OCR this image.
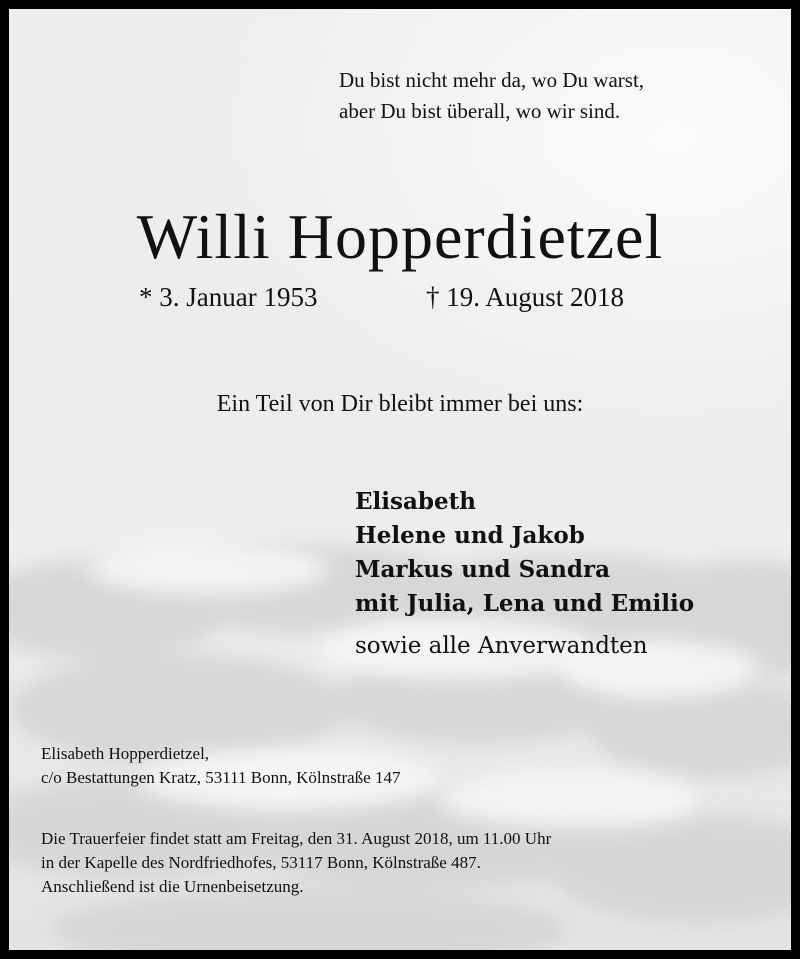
Du bist nicht mehr da, wo Du warst,
aber Du bist überall, wo wir sind.
Willi Hopperdietzel
* 3. Januar 1953	† 19. August 2018
Ein Teil von Dir bleibt immer bei uns:
Elisabeth
Helene und Jakob
Markus und Sandra
mit Julia, Lena und Emilio
sowie alle Anverwandten
Elisabeth Hopperdietzel,
c/o Bestattungen Kratz, 53111 Bonn, Kölnstraße 147
Die Trauerfeier findet statt am Freitag, den 31. August 2018, um 11.00 Uhr
in der Kapelle des Nordfriedhofes, 53117 Bonn, Kölnstraße 487.
Anschließend ist die Urnenbeisetzung.
